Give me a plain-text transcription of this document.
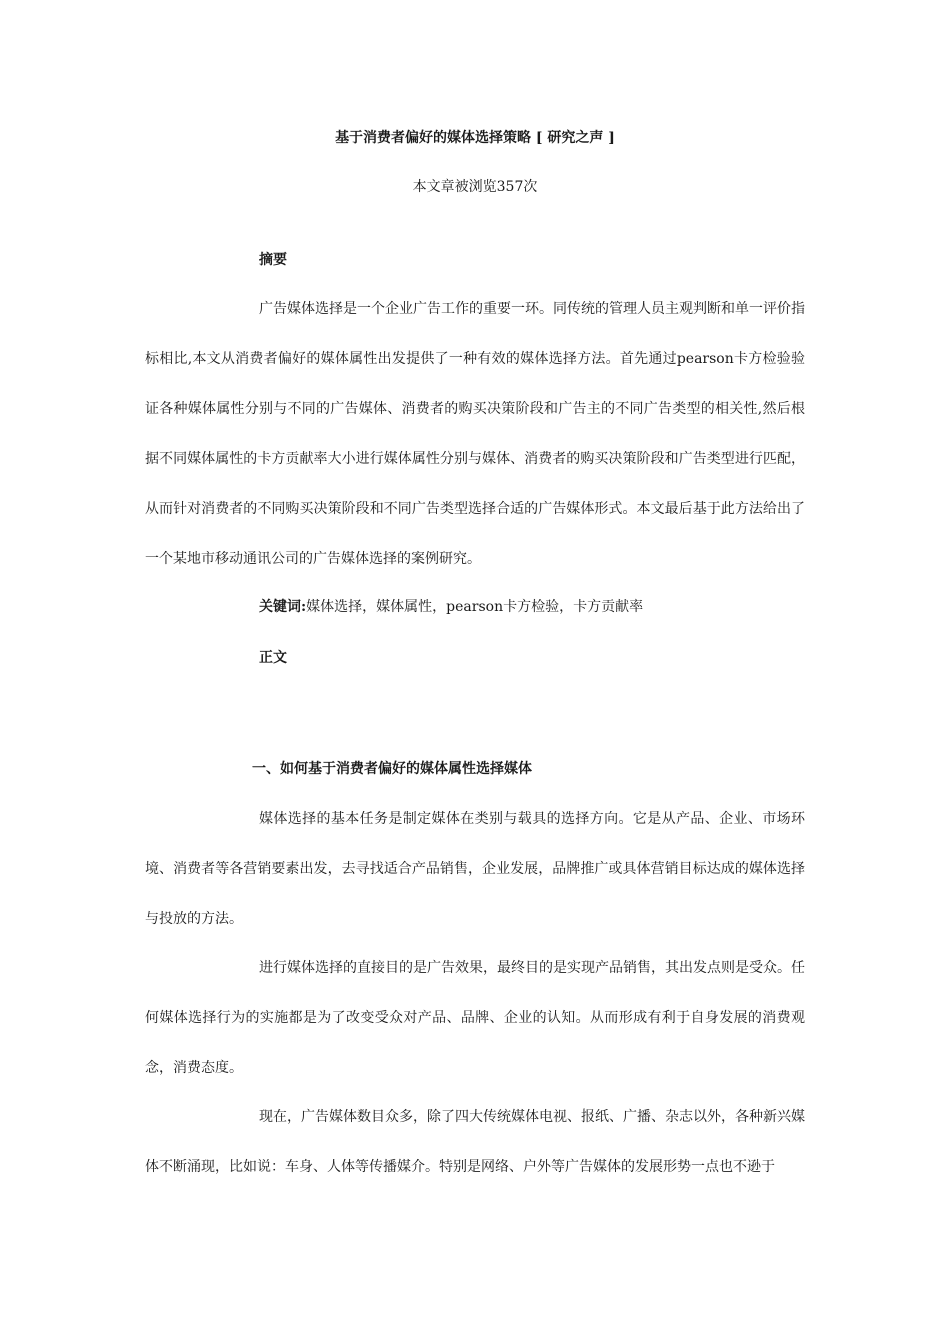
基于消费者偏好的媒体选择策略 [ 研究之声 ]
本文章被浏览357次
摘要
广告媒体选择是一个企业广告工作的重要一环。同传统的管理人员主观判断和单一评价指标相比,本文从消费者偏好的媒体属性出发提供了一种有效的媒体选择方法。首先通过pearson卡方检验验证各种媒体属性分别与不同的广告媒体、消费者的购买决策阶段和广告主的不同广告类型的相关性,然后根据不同媒体属性的卡方贡献率大小进行媒体属性分别与媒体、消费者的购买决策阶段和广告类型进行匹配，从而针对消费者的不同购买决策阶段和不同广告类型选择合适的广告媒体形式。本文最后基于此方法给出了一个某地市移动通讯公司的广告媒体选择的案例研究。
关键词:媒体选择，媒体属性，pearson卡方检验，卡方贡献率
正文
一、如何基于消费者偏好的媒体属性选择媒体
媒体选择的基本任务是制定媒体在类别与载具的选择方向。它是从产品、企业、市场环境、消费者等各营销要素出发，去寻找适合产品销售，企业发展，品牌推广或具体营销目标达成的媒体选择与投放的方法。
进行媒体选择的直接目的是广告效果，最终目的是实现产品销售，其出发点则是受众。任何媒体选择行为的实施都是为了改变受众对产品、品牌、企业的认知。从而形成有利于自身发展的消费观念，消费态度。
现在，广告媒体数目众多，除了四大传统媒体电视、报纸、广播、杂志以外，各种新兴媒体不断涌现，比如说：车身、人体等传播媒介。特别是网络、户外等广告媒体的发展形势一点也不逊于
